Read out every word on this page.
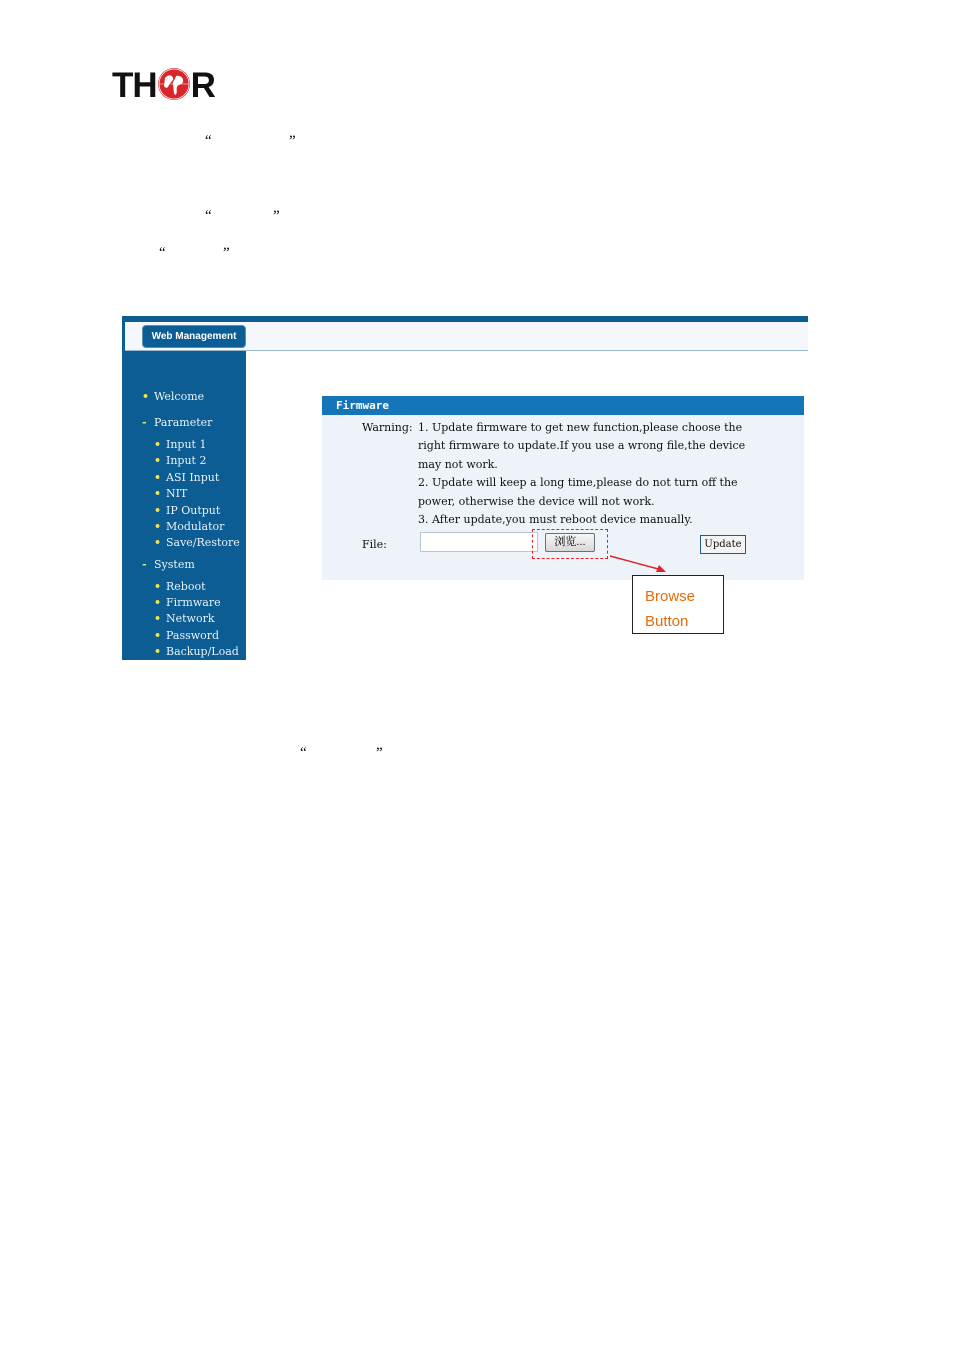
TH R
“	”
“	”
“	”
“	”
Web Management
• Welcome
- Parameter
• Input 1
• Input 2
• ASI Input
• NIT
• IP Output
• Modulator
• Save/Restore
- System
• Reboot
• Firmware
• Network
• Password
• Backup/Load
Firmware
Warning: 1. Update firmware to get new function,please choose the
right firmware to update.If you use a wrong file,the device
may not work.
2. Update will keep a long time,please do not turn off the
power, otherwise the device will not work.
3. After update,you must reboot device manually.
File:	浏览...	Update
Browse
Button
